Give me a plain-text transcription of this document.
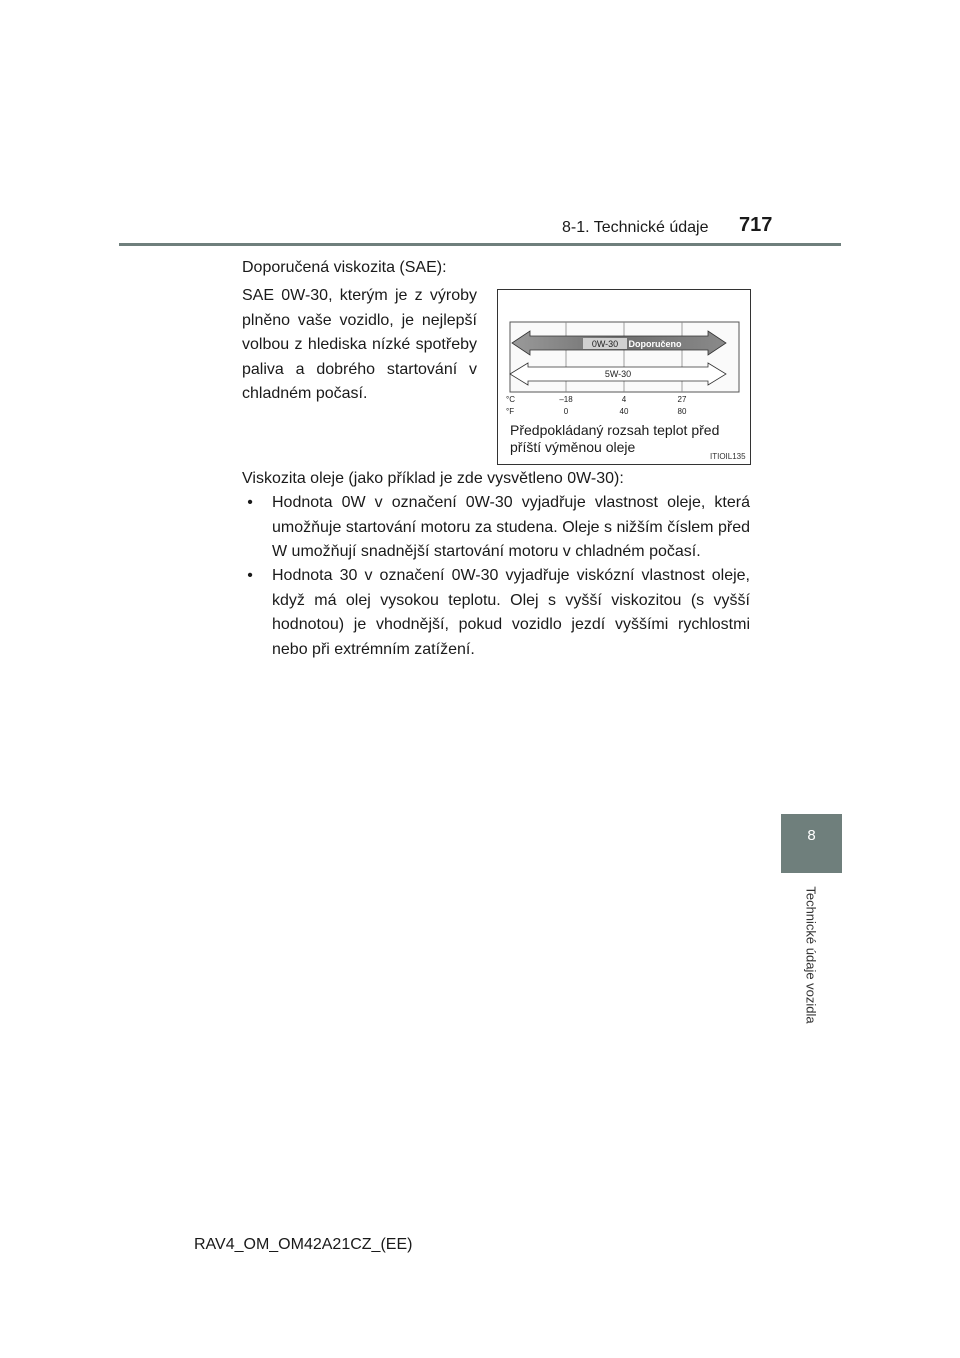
8-1. Technické údaje 717
8
Technické údaje vozidla
Doporučená viskozita (SAE):
SAE 0W-30, kterým je z výroby plněno vaše vozidlo, je nejlepší volbou z hlediska nízké spotřeby paliva a dobrého startování v chladném počasí.
0W-30 Doporučeno
5W-30
°C
°F
–18	4	27
0	40	80
Předpokládaný rozsah teplot před
příští výměnou oleje
ITIOIL135
Viskozita oleje (jako příklad je zde vysvětleno 0W-30):
•	Hodnota 0W v označení 0W-30 vyjadřuje vlastnost oleje, která umožňuje startování motoru za studena. Oleje s nižším číslem před W umožňují snadnější startování motoru v chladném počasí.
•	Hodnota 30 v označení 0W-30 vyjadřuje viskózní vlastnost oleje, když má olej vysokou teplotu. Olej s vyšší viskozitou (s vyšší hodnotou) je vhodnější, pokud vozidlo jezdí vyššími rychlostmi nebo při extrémním zatížení.
RAV4_OM_OM42A21CZ_(EE)
